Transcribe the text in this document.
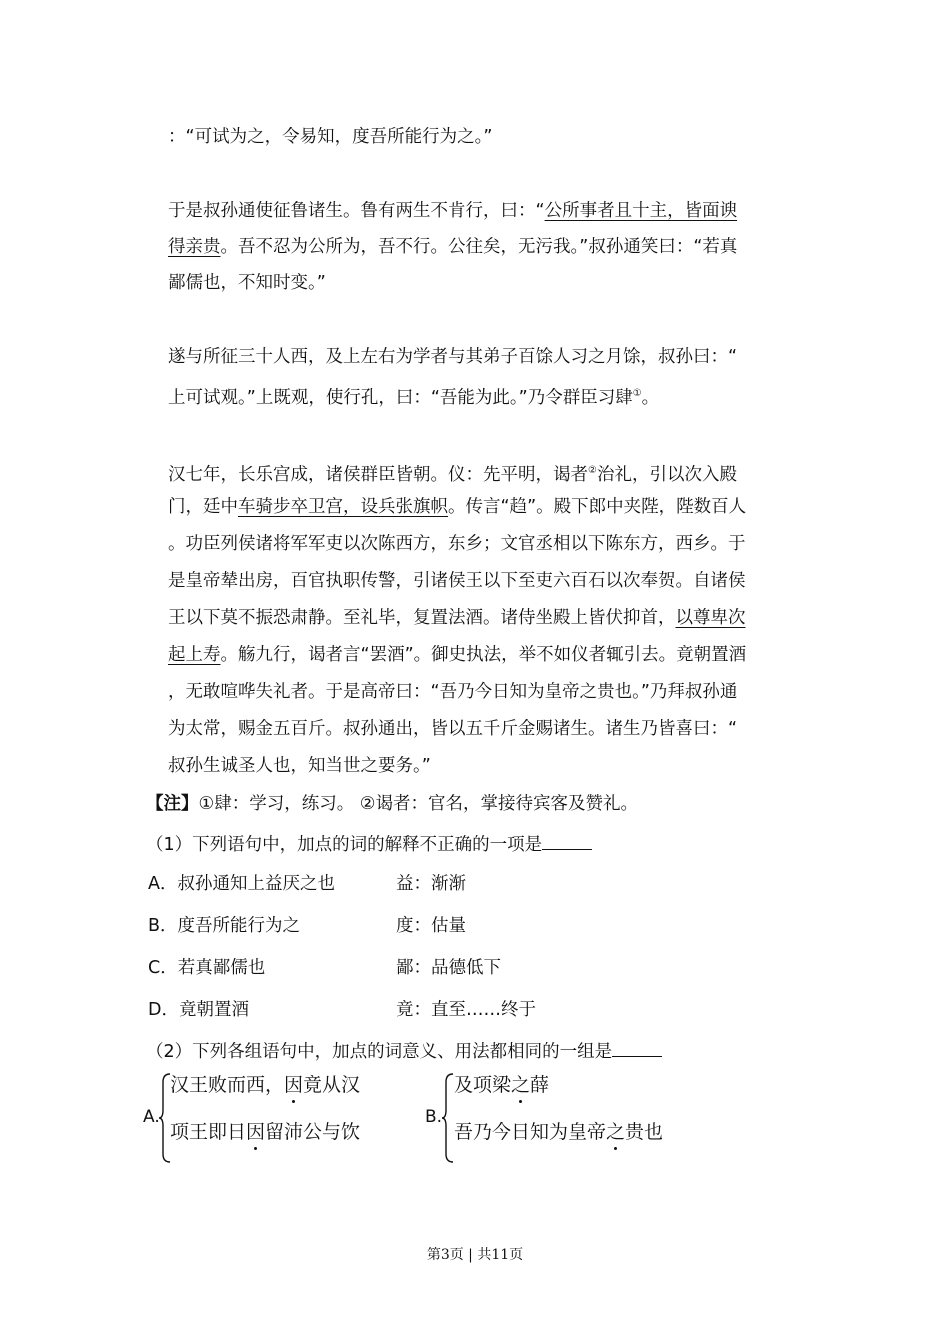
：“可试为之，令易知，度吾所能行为之。”
于是叔孙通使征鲁诸生。鲁有两生不肯行，曰：“公所事者且十主，皆面谀
得亲贵。吾不忍为公所为，吾不行。公往矣，无污我。”叔孙通笑曰：“若真
鄙儒也，不知时变。”
遂与所征三十人西，及上左右为学者与其弟子百馀人习之月馀，叔孙曰：“
上可试观。”上既观，使行孔，曰：“吾能为此。”乃令群臣习肆①。
汉七年，长乐宫成，诸侯群臣皆朝。仪：先平明，谒者②治礼，引以次入殿
门，廷中车骑步卒卫宫，设兵张旗帜。传言“趋”。殿下郎中夹陛，陛数百人
。功臣列侯诸将军军吏以次陈西方，东乡；文官丞相以下陈东方，西乡。于
是皇帝辇出房，百官执职传警，引诸侯王以下至吏六百石以次奉贺。自诸侯
王以下莫不振恐肃静。至礼毕，复置法酒。诸侍坐殿上皆伏抑首，以尊卑次
起上寿。觞九行，谒者言“罢酒”。御史执法，举不如仪者辄引去。竟朝置酒
，无敢喧哗失礼者。于是高帝曰：“吾乃今日知为皇帝之贵也。”乃拜叔孙通
为太常，赐金五百斤。叔孙通出，皆以五千斤金赐诸生。诸生乃皆喜曰：“
叔孙生诚圣人也，知当世之要务。”
【注】①肆：学习，练习。 ②谒者：官名，掌接待宾客及赞礼。
（1）下列语句中，加点的词的解释不正确的一项是
A．叔孙通知上益厌之也	益：渐渐
B．度吾所能行为之	度：估量
C．若真鄙儒也	鄙：品德低下
D．竟朝置酒	竟：直至……终于
（2）下列各组语句中，加点的词意义、用法都相同的一组是
A.
汉王败而西，因竟从汉
项王即日因留沛公与饮
B.
及项梁之薛
吾乃今日知为皇帝之贵也
第3页 | 共11页
